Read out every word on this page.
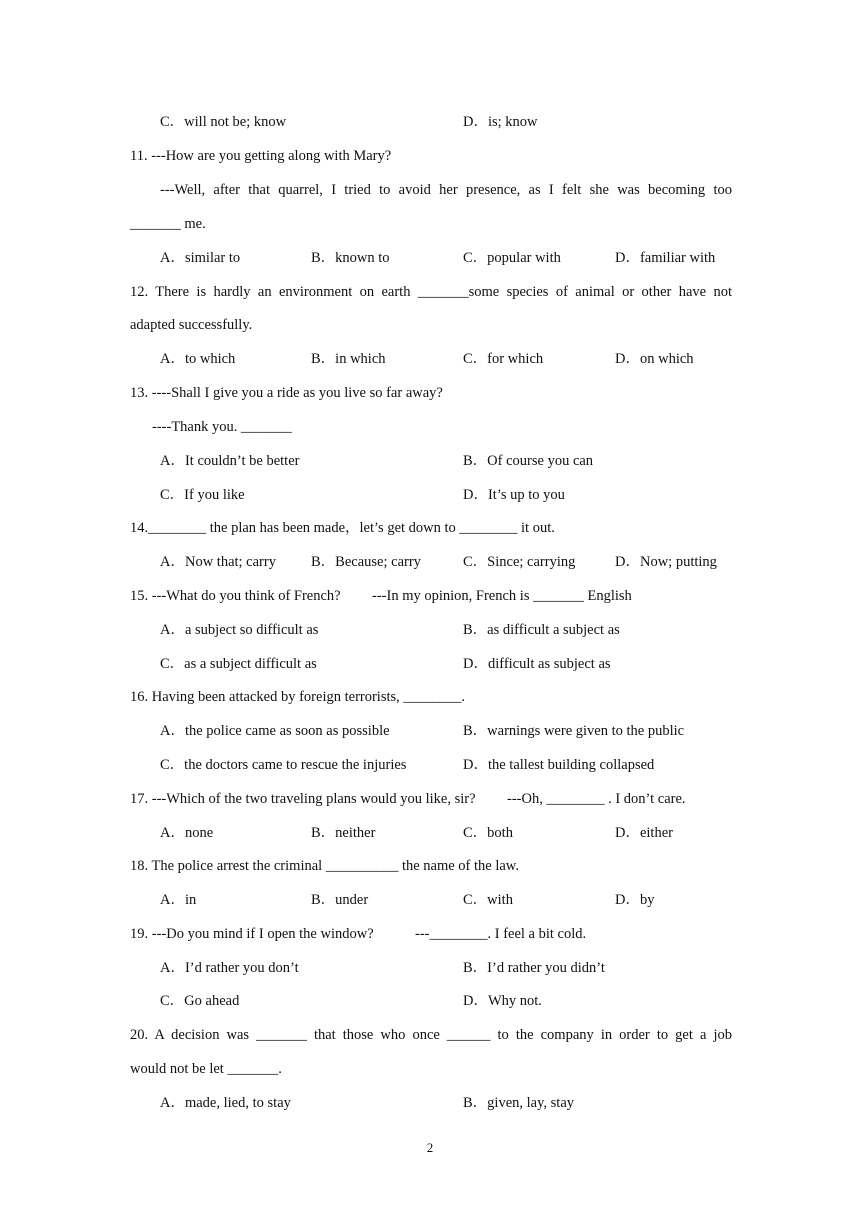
C．will not be; know	D．is; know
11. ---How are you getting along with Mary?
---Well, after that quarrel, I tried to avoid her presence, as I felt she was becoming too
_______ me.
A．similar to	B．known to	C．popular with	D．familiar with
12. There is hardly an environment on earth _______some species of animal or other have not
adapted successfully.
A．to which	B．in which	C．for which	D．on which
13. ----Shall I give you a ride as you live so far away?
----Thank you. _______
A．It couldn’t be better	B．Of course you can
C．If you like	D．It’s up to you
14.________ the plan has been made，let’s get down to ________ it out.
A．Now that; carry B．Because; carry	C．Since; carrying	D．Now; putting
15. ---What do you think of French? ---In my opinion, French is _______ English
A．a subject so difficult as	B．as difficult a subject as
C．as a subject difficult as	D．difficult as subject as
16. Having been attacked by foreign terrorists, ________.
A．the police came as soon as possible	B．warnings were given to the public
C．the doctors came to rescue the injuries	D．the tallest building collapsed
17. ---Which of the two traveling plans would you like, sir? ---Oh, ________ . I don’t care.
A．none	B．neither	C．both	D．either
18. The police arrest the criminal __________ the name of the law.
A．in	B．under	C．with	D．by
19. ---Do you mind if I open the window?	---________. I feel a bit cold.
A．I’d rather you don’t	B．I’d rather you didn’t
C．Go ahead	D．Why not.
20. A decision was _______ that those who once ______ to the company in order to get a job
would not be let _______.
A．made, lied, to stay	B．given, lay, stay
2
